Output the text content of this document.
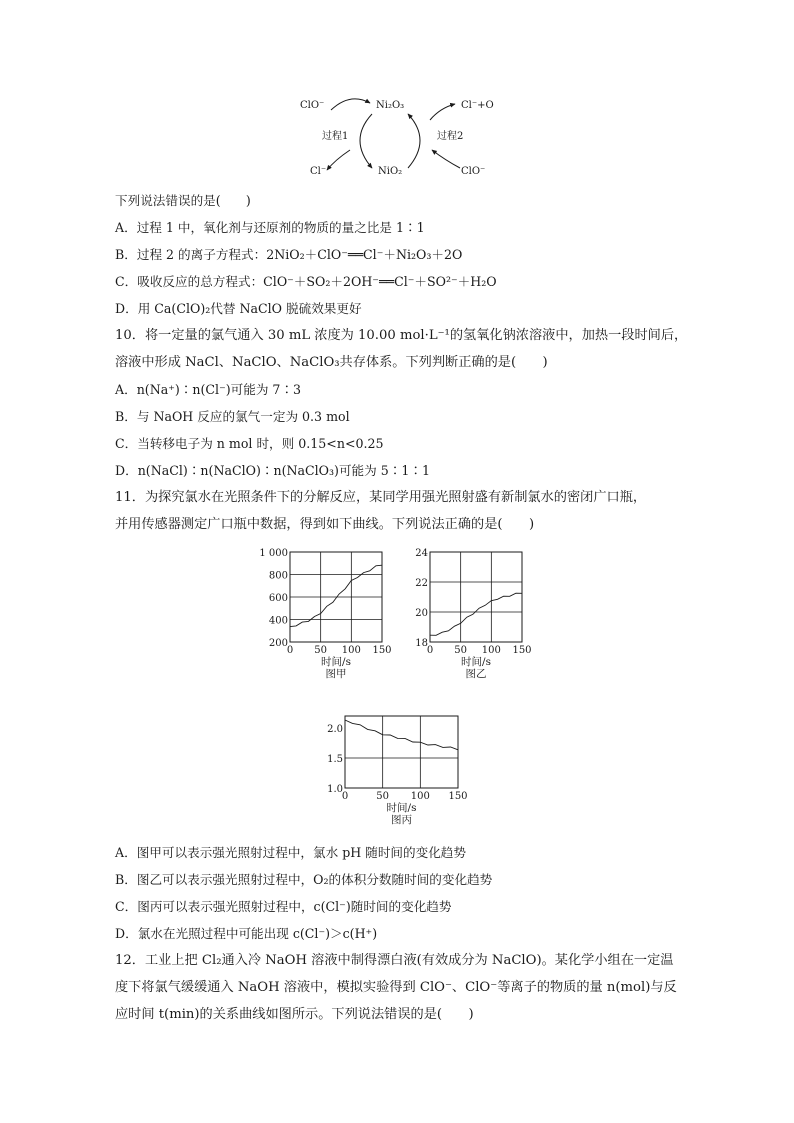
ClO⁻	Ni₂O₃	Cl⁻+O
过程1	过程2
Cl⁻	NiO₂	ClO⁻
下列说法错误的是(　　)
A．过程 1 中，氧化剂与还原剂的物质的量之比是 1∶1
B．过程 2 的离子方程式：2NiO₂＋ClO⁻══Cl⁻＋Ni₂O₃＋2O
C．吸收反应的总方程式：ClO⁻＋SO₂＋2OH⁻══Cl⁻＋SO²⁻＋H₂O
D．用 Ca(ClO)₂代替 NaClO 脱硫效果更好
10．将一定量的氯气通入 30 mL 浓度为 10.00 mol·L⁻¹的氢氧化钠浓溶液中，加热一段时间后，
溶液中形成 NaCl、NaClO、NaClO₃共存体系。下列判断正确的是(　　)
A．n(Na⁺)∶n(Cl⁻)可能为 7∶3
B．与 NaOH 反应的氯气一定为 0.3 mol
C．当转移电子为 n mol 时，则 0.15<n<0.25
D．n(NaCl)∶n(NaClO)∶n(NaClO₃)可能为 5∶1∶1
11．为探究氯水在光照条件下的分解反应，某同学用强光照射盛有新制氯水的密闭广口瓶，
并用传感器测定广口瓶中数据，得到如下曲线。下列说法正确的是(　　)
0 50 100 150
200
400
600
800
1 000
时间/s
图甲
0 50 100 150
18
20
22
24
时间/s
图乙
0	50 100 150
1.0
1.5
2.0
时间/s
图丙
A．图甲可以表示强光照射过程中，氯水 pH 随时间的变化趋势
B．图乙可以表示强光照射过程中，O₂的体积分数随时间的变化趋势
C．图丙可以表示强光照射过程中，c(Cl⁻)随时间的变化趋势
D．氯水在光照过程中可能出现 c(Cl⁻)＞c(H⁺)
12．工业上把 Cl₂通入冷 NaOH 溶液中制得漂白液(有效成分为 NaClO)。某化学小组在一定温
度下将氯气缓缓通入 NaOH 溶液中，模拟实验得到 ClO⁻、ClO⁻等离子的物质的量 n(mol)与反
应时间 t(min)的关系曲线如图所示。下列说法错误的是(　　)
